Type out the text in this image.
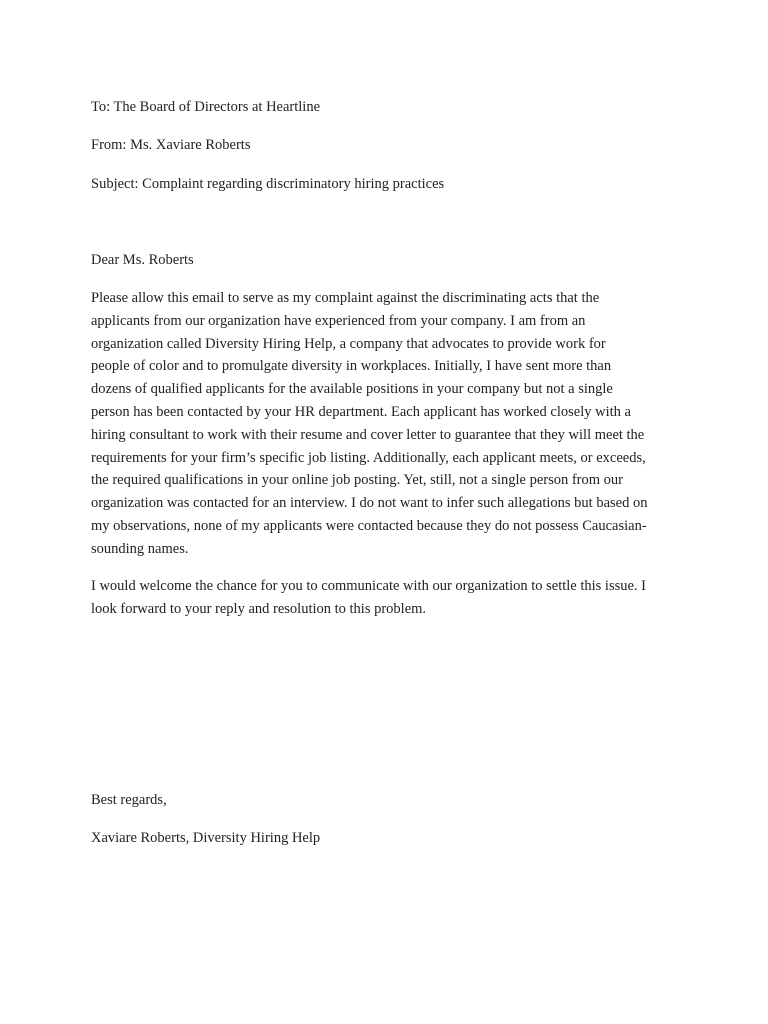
To: The Board of Directors at Heartline
From: Ms. Xaviare Roberts
Subject: Complaint regarding discriminatory hiring practices
Dear Ms. Roberts
Please allow this email to serve as my complaint against the discriminating acts that the
applicants from our organization have experienced from your company. I am from an
organization called Diversity Hiring Help, a company that advocates to provide work for
people of color and to promulgate diversity in workplaces. Initially, I have sent more than
dozens of qualified applicants for the available positions in your company but not a single
person has been contacted by your HR department. Each applicant has worked closely with a
hiring consultant to work with their resume and cover letter to guarantee that they will meet the
requirements for your firm’s specific job listing. Additionally, each applicant meets, or exceeds,
the required qualifications in your online job posting. Yet, still, not a single person from our
organization was contacted for an interview. I do not want to infer such allegations but based on
my observations, none of my applicants were contacted because they do not possess Caucasian-
sounding names.
I would welcome the chance for you to communicate with our organization to settle this issue. I
look forward to your reply and resolution to this problem.
Best regards,
Xaviare Roberts, Diversity Hiring Help
